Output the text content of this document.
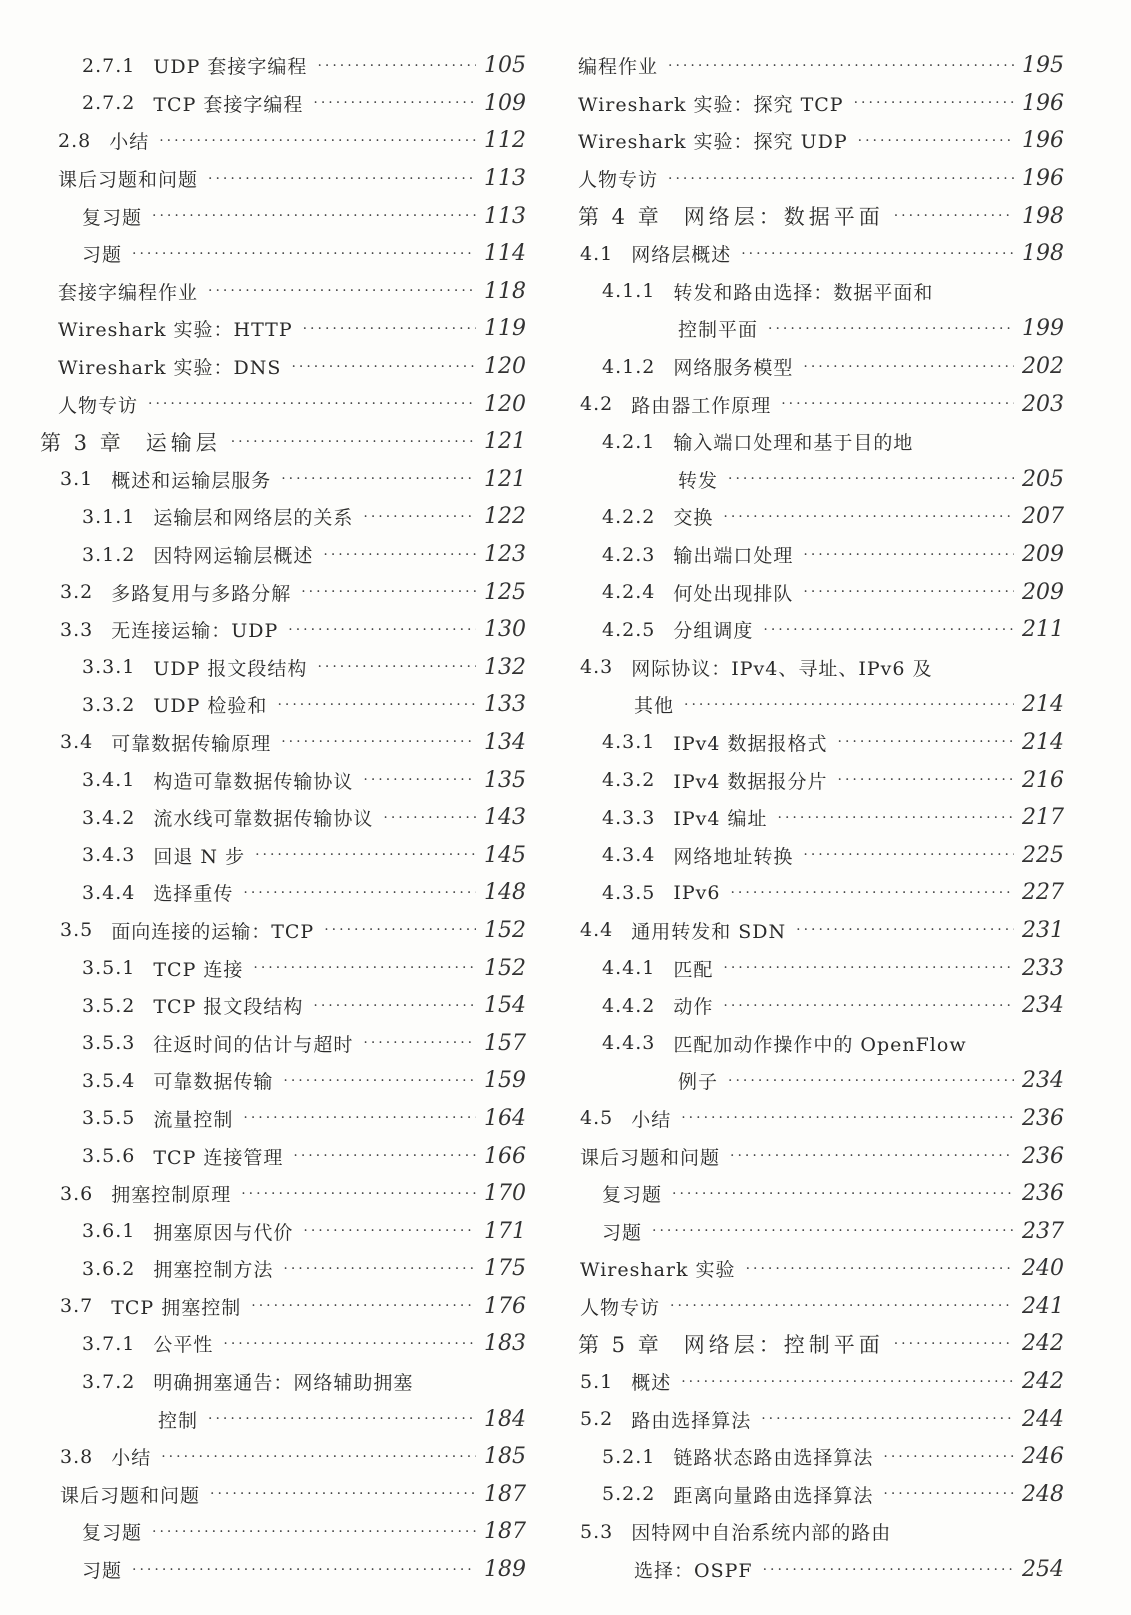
2.7.1 UDP 套接字编程 ·····	105
2.7.2 TCP 套接字编程 ·····	109
2.8 小结 ·····	112
课后习题和问题 ·····	113
复习题 ·····	113
习题 ·····	114
套接字编程作业 ·····	118
Wireshark 实验：HTTP ·····	119
Wireshark 实验：DNS ·····	120
人物专访 ·····	120
第 3 章 运输层 ·····	121
3.1 概述和运输层服务 ·····	121
3.1.1 运输层和网络层的关系 ·····	122
3.1.2 因特网运输层概述 ·····	123
3.2 多路复用与多路分解 ·····	125
3.3 无连接运输：UDP ·····	130
3.3.1 UDP 报文段结构 ·····	132
3.3.2 UDP 检验和 ·····	133
3.4 可靠数据传输原理 ·····	134
3.4.1 构造可靠数据传输协议 ·····	135
3.4.2 流水线可靠数据传输协议 ·····	143
3.4.3 回退 N 步 ·····	145
3.4.4 选择重传 ·····	148
3.5 面向连接的运输：TCP ·····	152
3.5.1 TCP 连接 ·····	152
3.5.2 TCP 报文段结构 ·····	154
3.5.3 往返时间的估计与超时 ·····	157
3.5.4 可靠数据传输 ·····	159
3.5.5 流量控制 ·····	164
3.5.6 TCP 连接管理 ·····	166
3.6 拥塞控制原理 ·····	170
3.6.1 拥塞原因与代价 ·····	171
3.6.2 拥塞控制方法 ·····	175
3.7 TCP 拥塞控制 ·····	176
3.7.1 公平性 ·····	183
3.7.2 明确拥塞通告：网络辅助拥塞
控制 ·····	184
3.8 小结 ·····	185
课后习题和问题 ·····	187
复习题 ·····	187
习题 ·····	189
编程作业 ·····	195
Wireshark 实验：探究 TCP ·····	196
Wireshark 实验：探究 UDP ·····	196
人物专访 ·····	196
第 4 章 网络层：数据平面 ·····	198
4.1 网络层概述 ·····	198
4.1.1 转发和路由选择：数据平面和
控制平面 ·····	199
4.1.2 网络服务模型 ·····	202
4.2 路由器工作原理 ·····	203
4.2.1 输入端口处理和基于目的地
转发 ·····	205
4.2.2 交换 ·····	207
4.2.3 输出端口处理 ·····	209
4.2.4 何处出现排队 ·····	209
4.2.5 分组调度 ·····	211
4.3 网际协议：IPv4、寻址、IPv6 及
其他 ·····	214
4.3.1 IPv4 数据报格式 ·····	214
4.3.2 IPv4 数据报分片 ·····	216
4.3.3 IPv4 编址 ·····	217
4.3.4 网络地址转换 ·····	225
4.3.5 IPv6 ·····	227
4.4 通用转发和 SDN ·····	231
4.4.1 匹配 ·····	233
4.4.2 动作 ·····	234
4.4.3 匹配加动作操作中的 OpenFlow
例子 ·····	234
4.5 小结 ·····	236
课后习题和问题 ·····	236
复习题 ·····	236
习题 ·····	237
Wireshark 实验 ·····	240
人物专访 ·····	241
第 5 章 网络层：控制平面 ·····	242
5.1 概述 ·····	242
5.2 路由选择算法 ·····	244
5.2.1 链路状态路由选择算法 ·····	246
5.2.2 距离向量路由选择算法 ·····	248
5.3 因特网中自治系统内部的路由
选择：OSPF ·····	254
